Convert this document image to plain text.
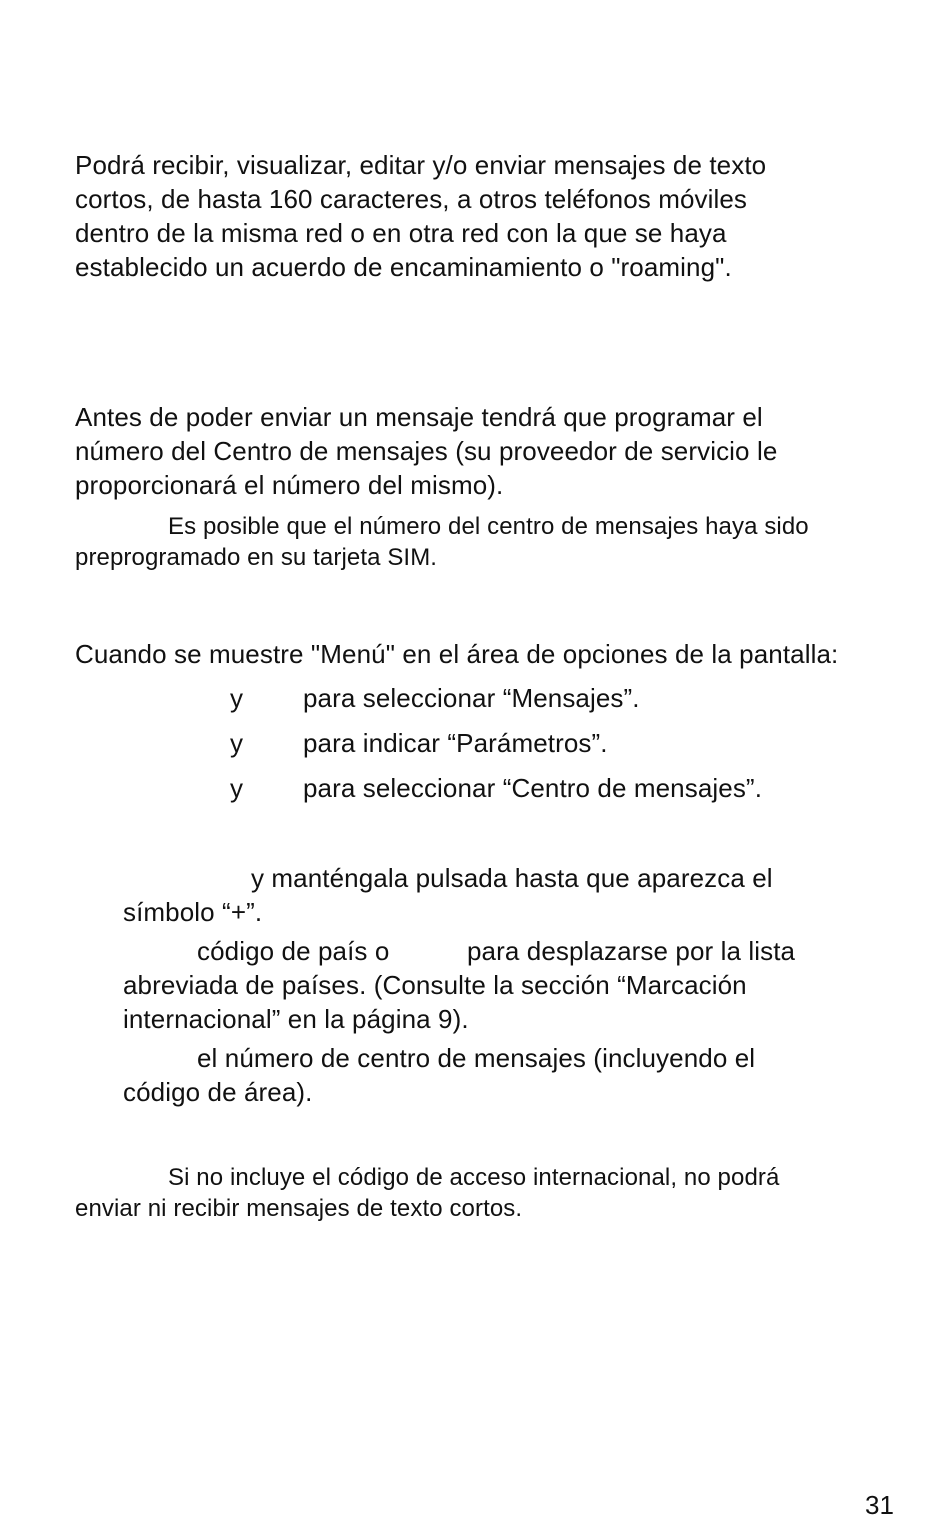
Podrá recibir, visualizar, editar y/o enviar mensajes de texto
cortos, de hasta 160 caracteres, a otros teléfonos móviles
dentro de la misma red o en otra red con la que se haya
establecido un acuerdo de encaminamiento o "roaming".
Antes de poder enviar un mensaje tendrá que programar el
número del Centro de mensajes (su proveedor de servicio le
proporcionará el número del mismo).
Es posible que el número del centro de mensajes haya sido
preprogramado en su tarjeta SIM.
Cuando se muestre "Menú" en el área de opciones de la pantalla:
y para seleccionar “Mensajes”.
y para indicar “Parámetros”.
y para seleccionar “Centro de mensajes”.
y manténgala pulsada hasta que aparezca el
símbolo “+”.
código de país o	para desplazarse por la lista
abreviada de países. (Consulte la sección “Marcación
internacional” en la página 9).
el número de centro de mensajes (incluyendo el
código de área).
Si no incluye el código de acceso internacional, no podrá
enviar ni recibir mensajes de texto cortos.
31
